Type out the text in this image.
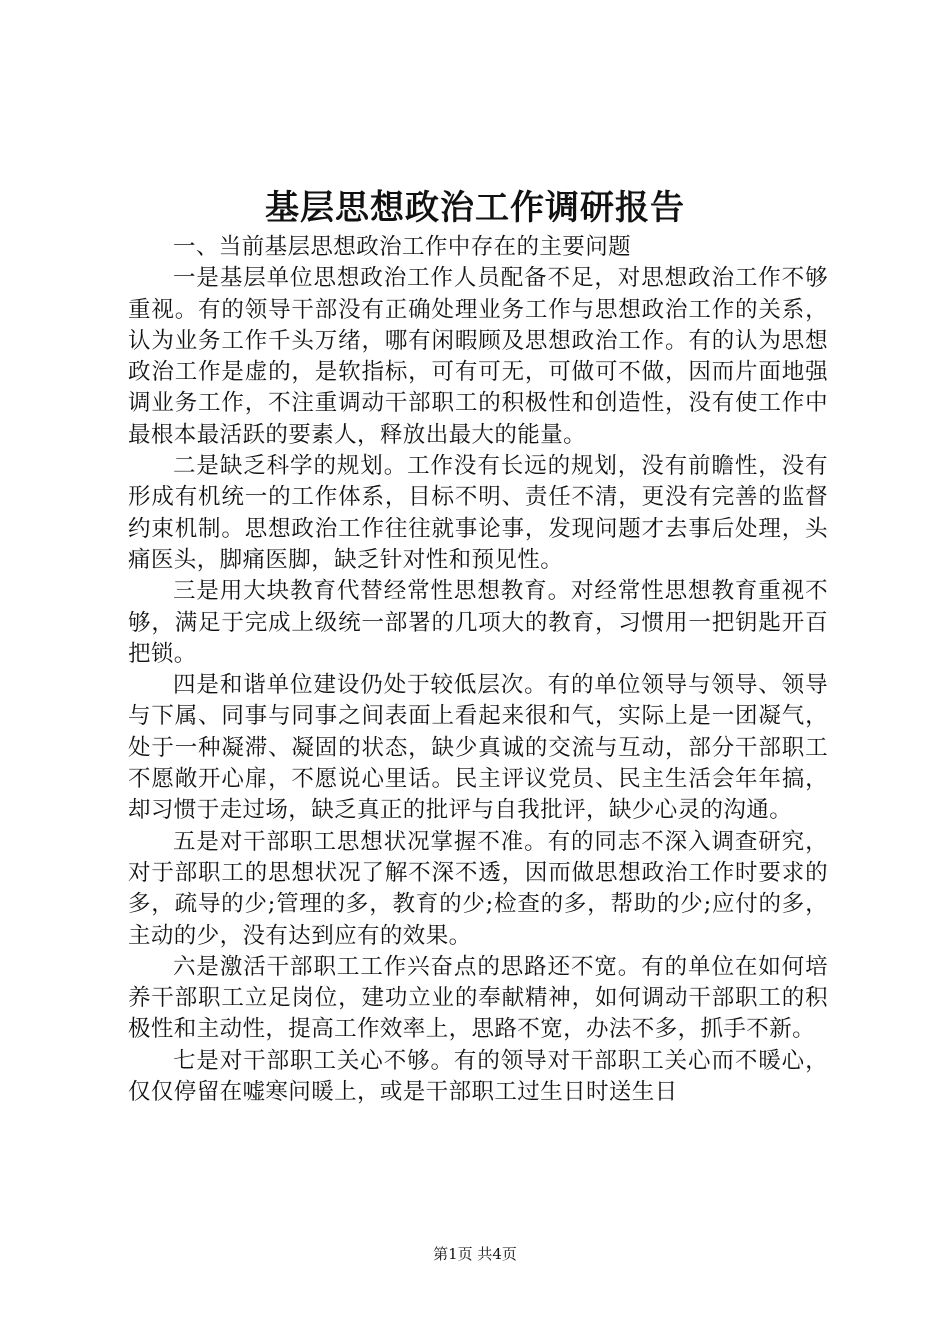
基层思想政治工作调研报告

一、当前基层思想政治工作中存在的主要问题

一是基层单位思想政治工作人员配备不足，对思想政治工作不够重视。有的领导干部没有正确处理业务工作与思想政治工作的关系，认为业务工作千头万绪，哪有闲暇顾及思想政治工作。有的认为思想政治工作是虚的，是软指标，可有可无，可做可不做，因而片面地强调业务工作，不注重调动干部职工的积极性和创造性，没有使工作中最根本最活跃的要素人，释放出最大的能量。

二是缺乏科学的规划。工作没有长远的规划，没有前瞻性，没有形成有机统一的工作体系，目标不明、责任不清，更没有完善的监督约束机制。思想政治工作往往就事论事，发现问题才去事后处理，头痛医头，脚痛医脚，缺乏针对性和预见性。

三是用大块教育代替经常性思想教育。对经常性思想教育重视不够，满足于完成上级统一部署的几项大的教育，习惯用一把钥匙开百把锁。

四是和谐单位建设仍处于较低层次。有的单位领导与领导、领导与下属、同事与同事之间表面上看起来很和气，实际上是一团凝气，处于一种凝滞、凝固的状态，缺少真诚的交流与互动，部分干部职工不愿敞开心扉，不愿说心里话。民主评议党员、民主生活会年年搞，却习惯于走过场，缺乏真正的批评与自我批评，缺少心灵的沟通。

五是对干部职工思想状况掌握不准。有的同志不深入调查研究，对于部职工的思想状况了解不深不透，因而做思想政治工作时要求的多，疏导的少;管理的多，教育的少;检查的多，帮助的少;应付的多，主动的少，没有达到应有的效果。

六是激活干部职工工作兴奋点的思路还不宽。有的单位在如何培养干部职工立足岗位，建功立业的奉献精神，如何调动干部职工的积极性和主动性，提高工作效率上，思路不宽，办法不多，抓手不新。

七是对干部职工关心不够。有的领导对干部职工关心而不暖心，仅仅停留在嘘寒问暖上，或是干部职工过生日时送生日

第1页 共4页
